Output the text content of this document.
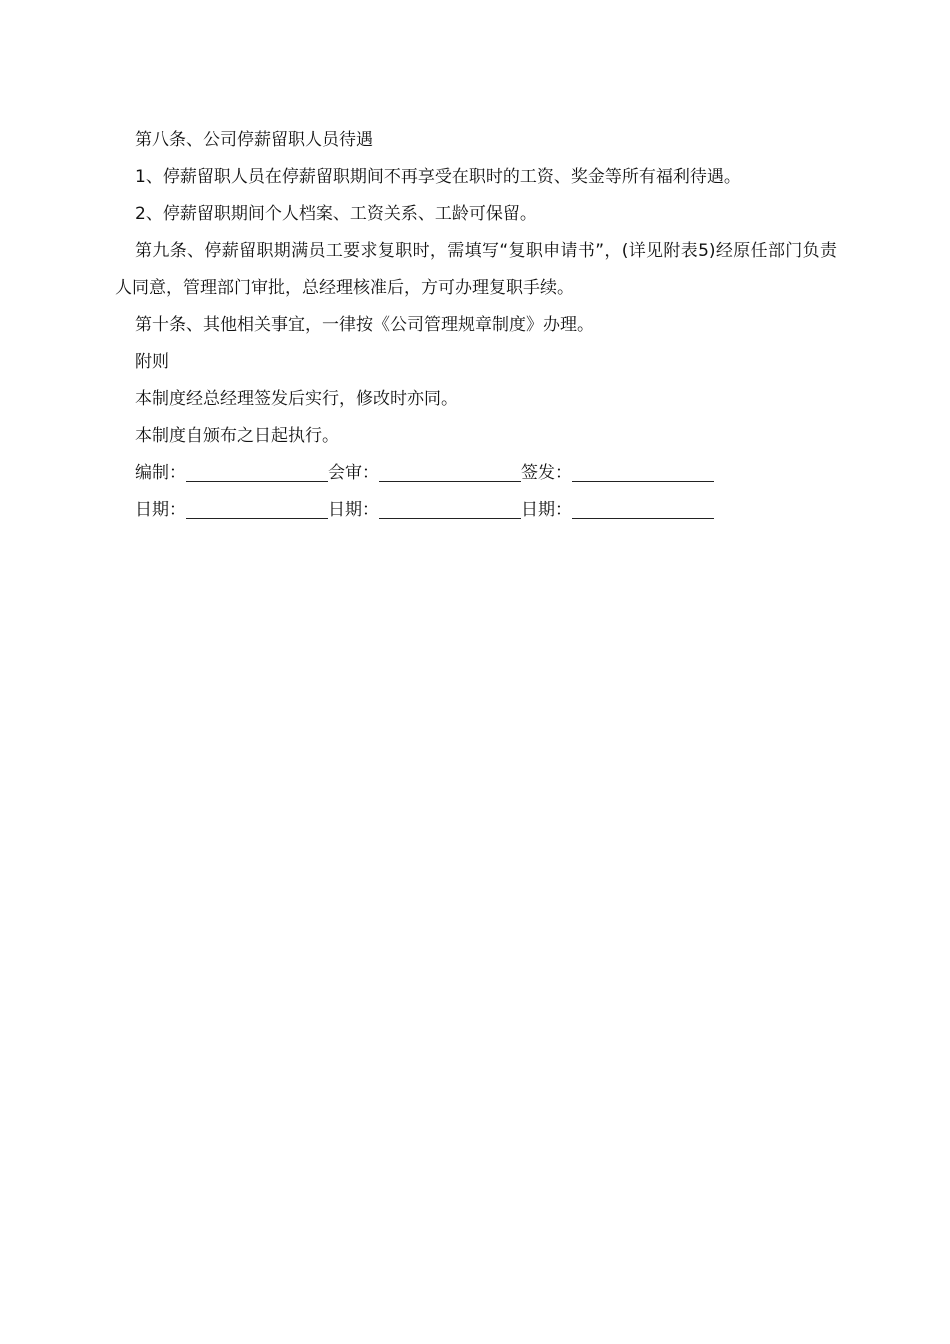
第八条、公司停薪留职人员待遇

1、停薪留职人员在停薪留职期间不再享受在职时的工资、奖金等所有福利待遇。

2、停薪留职期间个人档案、工资关系、工龄可保留。

第九条、停薪留职期满员工要求复职时，需填写“复职申请书”，(详见附表5)经原任部门负责人同意，管理部门审批，总经理核准后，方可办理复职手续。

第十条、其他相关事宜，一律按《公司管理规章制度》办理。

附则

本制度经总经理签发后实行，修改时亦同。

本制度自颁布之日起执行。

编制：	会审：	签发：
日期：	日期：	日期：
